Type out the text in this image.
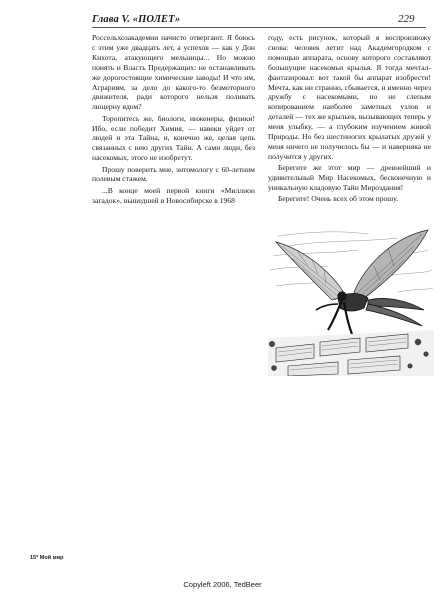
Глава V. «ПОЛЕТ»	229

Россельхозакадемии начисто отвергают. Я боюсь с этим уже двадцать лет, а успехов — как у Дон Кихота, атакующего мельницы... Но можно понять и Власть Предержащих: не останавливать же дорогостоящие химические заводы! И что им, Аграриям, за дело до какого-то безмоторного движителя, ради которого нельзя поливать люцерну ядом?

Торопитесь же, биологи, инженеры, физики! Ибо, если победит Химия, — навеки уйдет от людей и эта Тайна, и, конечно же, целая цепь связанных с нею других Тайн. А сами люди, без насекомых, этого не изобретут.

Прошу поверить мне, энтомологу с 60-летним полевым стажем.

...В конце моей первой книги «Миллион загадок», вышедшей в Новосибирске в 1968

году, есть рисунок, который я воспроизвожу снова: человек летит над Академгородком с помощью аппарата, основу которого составляют большущие насекомьи крылья. Я тогда мечтал-фантазировал: вот такой бы аппарат изобрести! Мечта, как ни странно, сбывается, и именно через дружбу с насекомыми, но не слепым копированием наиболее заметных узлов и деталей — тех же крыльев, вызывающих теперь у меня улыбку, — а глубоким изучением живой Природы. Но без шестиногих крылатых друзей у меня ничего не получилось бы — и наверняка не получится у других.

Берегите же этот мир — древнейший и удивительный Мир Насекомых, бесконечную и уникальную кладовую Тайн Мироздания!

Берегите! Очень всех об этом прошу.

15* Мой мир
Copyleft 2006, TedBeer
